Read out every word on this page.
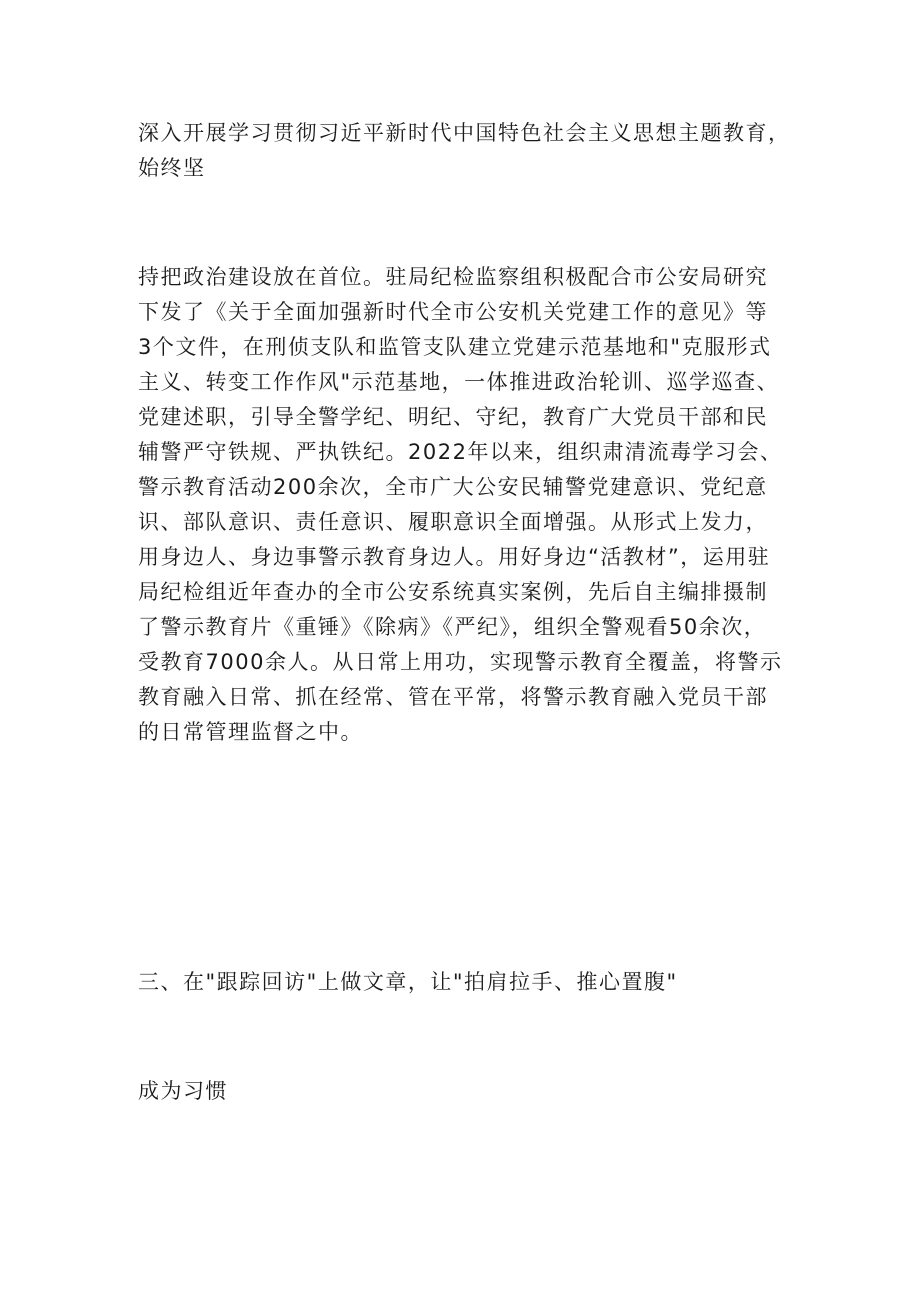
深入开展学习贯彻习近平新时代中国特色社会主义思想主题教育，
始终坚

持把政治建设放在首位。驻局纪检监察组积极配合市公安局研究
下发了《关于全面加强新时代全市公安机关党建工作的意见》等
3个文件，在刑侦支队和监管支队建立党建示范基地和"克服形式
主义、转变工作作风"示范基地，一体推进政治轮训、巡学巡查、
党建述职，引导全警学纪、明纪、守纪，教育广大党员干部和民
辅警严守铁规、严执铁纪。2022年以来，组织肃清流毒学习会、
警示教育活动200余次，全市广大公安民辅警党建意识、党纪意
识、部队意识、责任意识、履职意识全面增强。从形式上发力，
用身边人、身边事警示教育身边人。用好身边“活教材”，运用驻
局纪检组近年查办的全市公安系统真实案例，先后自主编排摄制
了警示教育片《重锤》《除病》《严纪》，组织全警观看50余次，
受教育7000余人。从日常上用功，实现警示教育全覆盖，将警示
教育融入日常、抓在经常、管在平常，将警示教育融入党员干部
的日常管理监督之中。

三、在"跟踪回访"上做文章，让"拍肩拉手、推心置腹"

成为习惯
